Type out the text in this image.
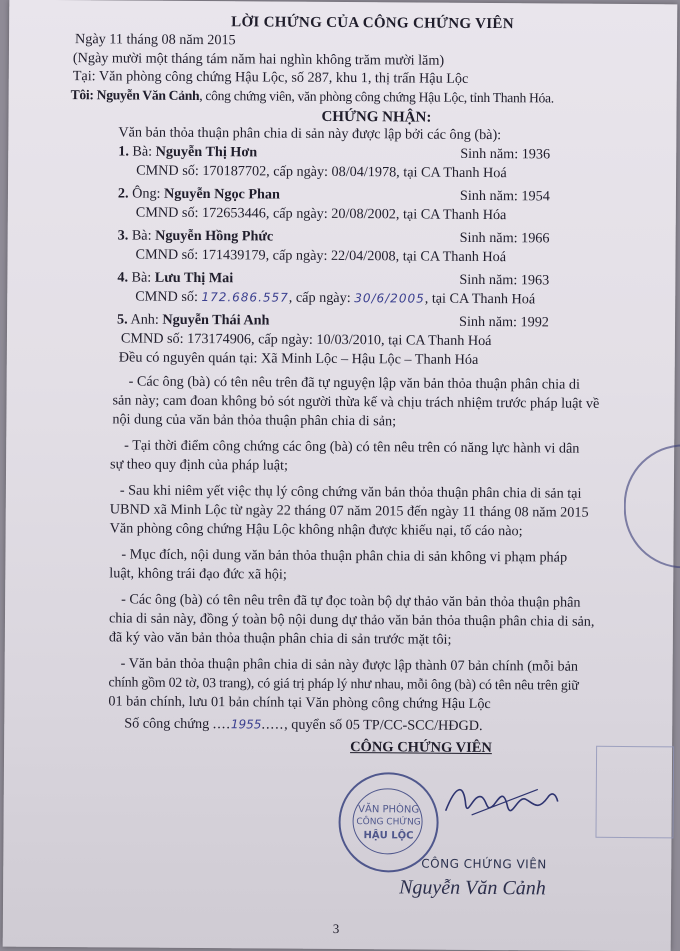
LỜI CHỨNG CỦA CÔNG CHỨNG VIÊN
Ngày 11 tháng 08 năm 2015
(Ngày mười một tháng tám năm hai nghìn không trăm mười lăm)
Tại: Văn phòng công chứng Hậu Lộc, số 287, khu 1, thị trấn Hậu Lộc
Tôi: Nguyễn Văn Cảnh, công chứng viên, văn phòng công chứng Hậu Lộc, tỉnh Thanh Hóa.
CHỨNG NHẬN:
Văn bản thỏa thuận phân chia di sản này được lập bởi các ông (bà):
1. Bà: Nguyễn Thị Hơn	Sinh năm: 1936
CMND số: 170187702, cấp ngày: 08/04/1978, tại CA Thanh Hoá
2. Ông: Nguyễn Ngọc Phan	Sinh năm: 1954
CMND số: 172653446, cấp ngày: 20/08/2002, tại CA Thanh Hóa
3. Bà: Nguyễn Hồng Phức	Sinh năm: 1966
CMND số: 171439179, cấp ngày: 22/04/2008, tại CA Thanh Hoá
4. Bà: Lưu Thị Mai	Sinh năm: 1963
CMND số: 172.686.557, cấp ngày: 30/6/2005, tại CA Thanh Hoá
5. Anh: Nguyễn Thái Anh	Sinh năm: 1992
CMND số: 173174906, cấp ngày: 10/03/2010, tại CA Thanh Hoá
Đều có nguyên quán tại: Xã Minh Lộc – Hậu Lộc – Thanh Hóa
- Các ông (bà) có tên nêu trên đã tự nguyện lập văn bản thỏa thuận phân chia di
sản này; cam đoan không bỏ sót người thừa kế và chịu trách nhiệm trước pháp luật về
nội dung của văn bản thỏa thuận phân chia di sản;
- Tại thời điểm công chứng các ông (bà) có tên nêu trên có năng lực hành vi dân
sự theo quy định của pháp luật;
- Sau khi niêm yết việc thụ lý công chứng văn bản thỏa thuận phân chia di sản tại
UBND xã Minh Lộc từ ngày 22 tháng 07 năm 2015 đến ngày 11 tháng 08 năm 2015
Văn phòng công chứng Hậu Lộc không nhận được khiếu nại, tố cáo nào;
- Mục đích, nội dung văn bản thỏa thuận phân chia di sản không vi phạm pháp
luật, không trái đạo đức xã hội;
- Các ông (bà) có tên nêu trên đã tự đọc toàn bộ dự thảo văn bản thỏa thuận phân
chia di sản này, đồng ý toàn bộ nội dung dự thảo văn bản thỏa thuận phân chia di sản,
đã ký vào văn bản thỏa thuận phân chia di sản trước mặt tôi;
- Văn bản thỏa thuận phân chia di sản này được lập thành 07 bản chính (mỗi bản
chính gồm 02 tờ, 03 trang), có giá trị pháp lý như nhau, mỗi ông (bà) có tên nêu trên giữ
01 bản chính, lưu 01 bản chính tại Văn phòng công chứng Hậu Lộc
Số công chứng ....1955....., quyển số 05 TP/CC-SCC/HĐGD.
CÔNG CHỨNG VIÊN
VĂN PHÒNG
CÔNG CHỨNG
HẬU LỘC
CÔNG CHỨNG VIÊN
Nguyễn Văn Cảnh
3
